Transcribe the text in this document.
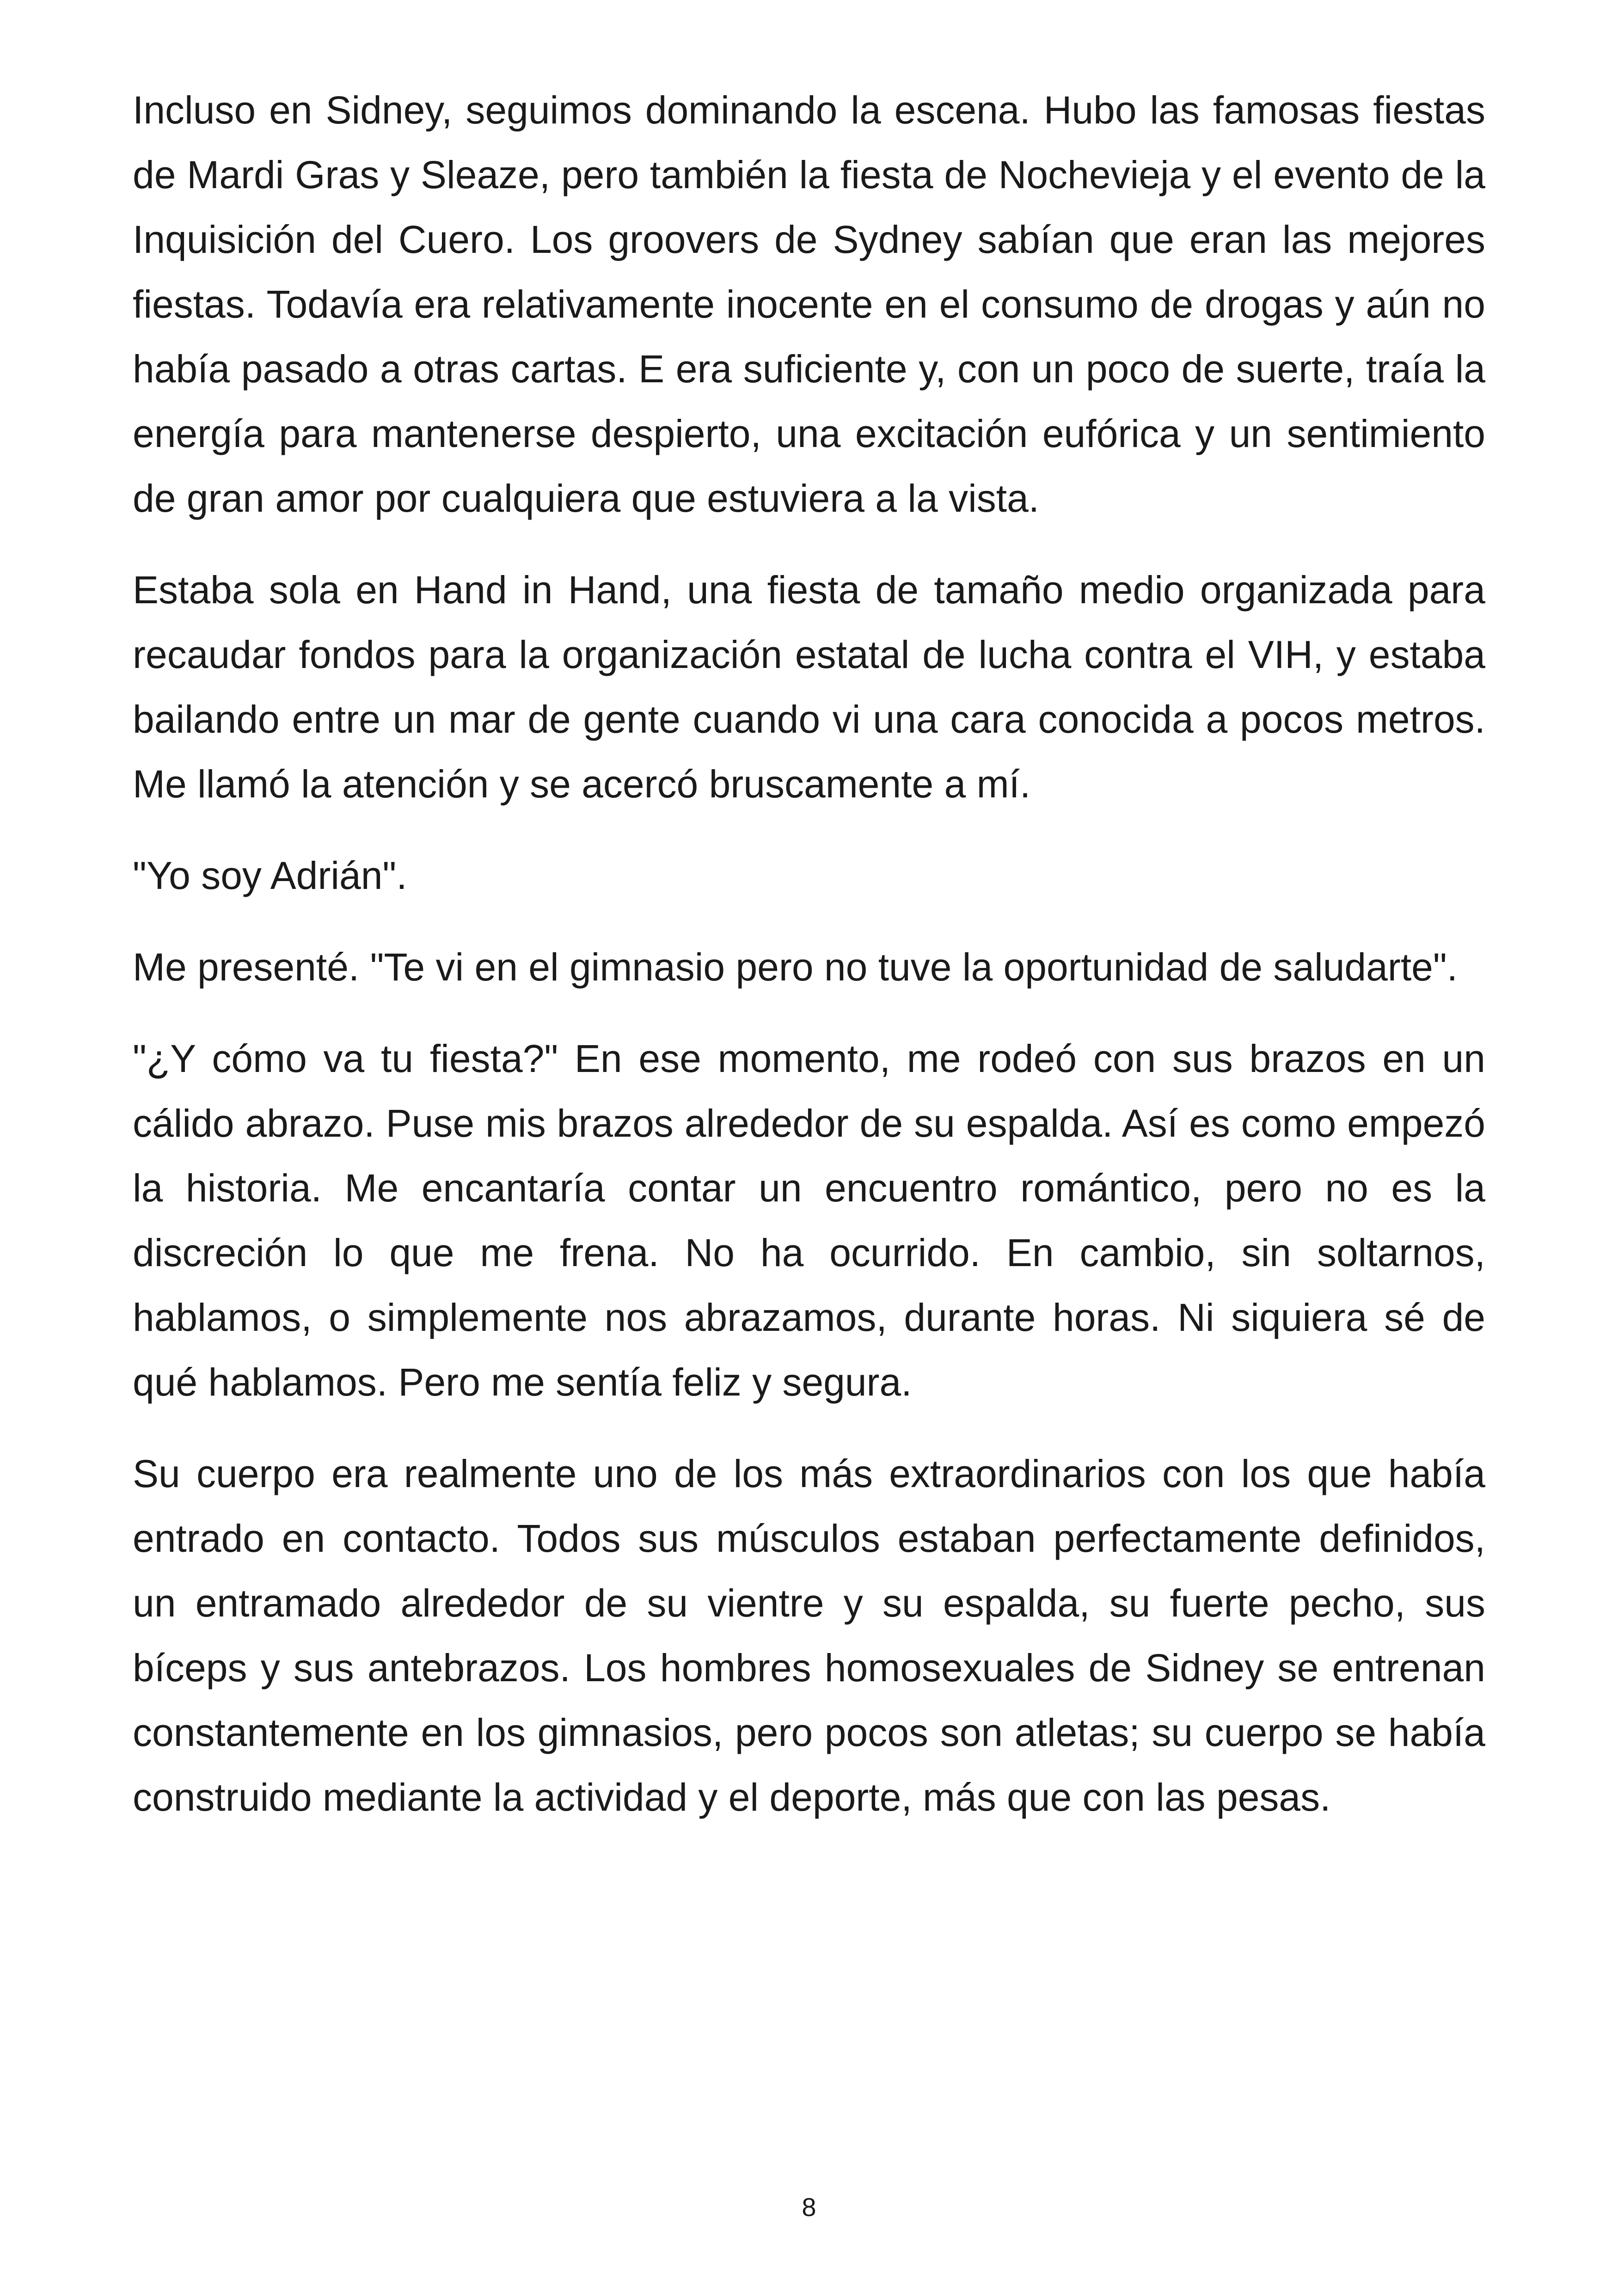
Incluso en Sidney, seguimos dominando la escena. Hubo las famosas fiestas de Mardi Gras y Sleaze, pero también la fiesta de Nochevieja y el evento de la Inquisición del Cuero. Los groovers de Sydney sabían que eran las mejores fiestas. Todavía era relativamente inocente en el consumo de drogas y aún no había pasado a otras cartas. E era suficiente y, con un poco de suerte, traía la energía para mantenerse despierto, una excitación eufórica y un sentimiento de gran amor por cualquiera que estuviera a la vista.

Estaba sola en Hand in Hand, una fiesta de tamaño medio organizada para recaudar fondos para la organización estatal de lucha contra el VIH, y estaba bailando entre un mar de gente cuando vi una cara conocida a pocos metros. Me llamó la atención y se acercó bruscamente a mí.

"Yo soy Adrián".

Me presenté. "Te vi en el gimnasio pero no tuve la oportunidad de saludarte".

"¿Y cómo va tu fiesta?" En ese momento, me rodeó con sus brazos en un cálido abrazo. Puse mis brazos alrededor de su espalda. Así es como empezó la historia. Me encantaría contar un encuentro romántico, pero no es la discreción lo que me frena. No ha ocurrido. En cambio, sin soltarnos, hablamos, o simplemente nos abrazamos, durante horas. Ni siquiera sé de qué hablamos. Pero me sentía feliz y segura.

Su cuerpo era realmente uno de los más extraordinarios con los que había entrado en contacto. Todos sus músculos estaban perfectamente definidos, un entramado alrededor de su vientre y su espalda, su fuerte pecho, sus bíceps y sus antebrazos. Los hombres homosexuales de Sidney se entrenan constantemente en los gimnasios, pero pocos son atletas; su cuerpo se había construido mediante la actividad y el deporte, más que con las pesas.

8
